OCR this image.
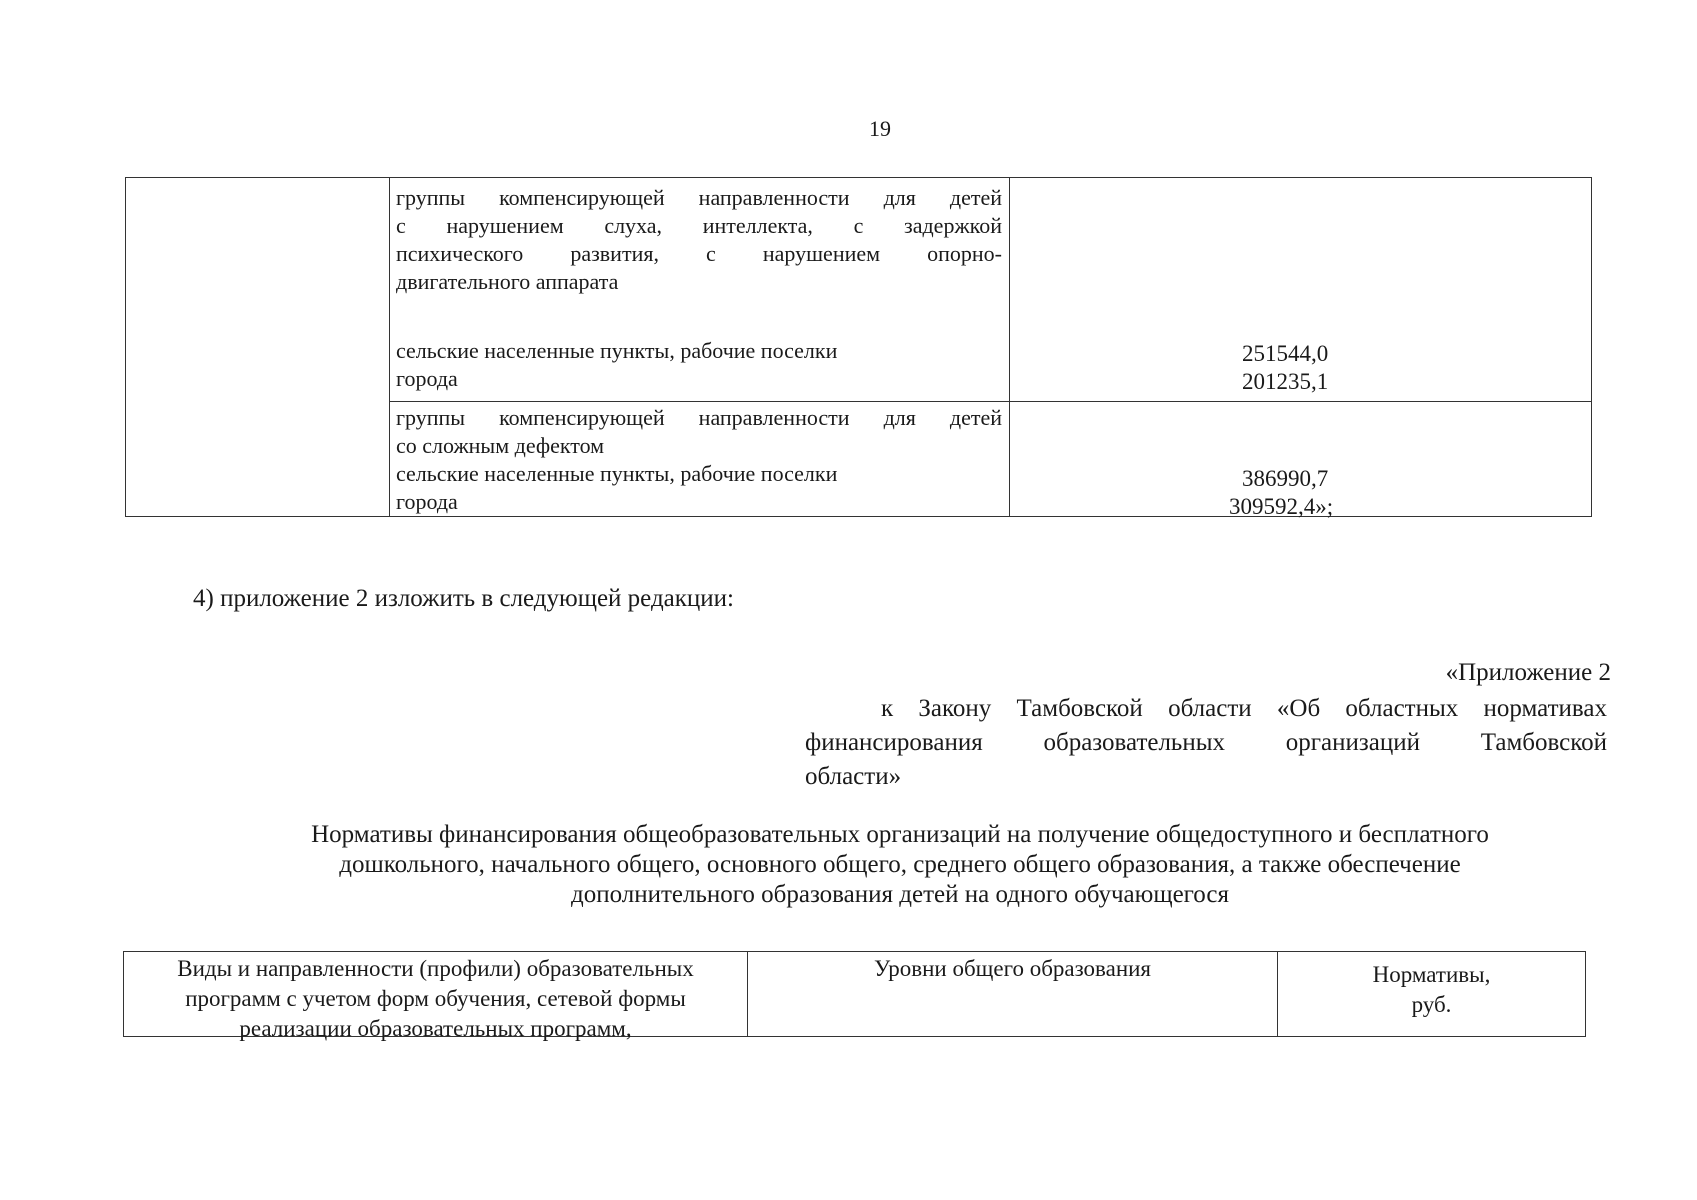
19
группы компенсирующей направленности для детей
с нарушением слуха, интеллекта, с задержкой
психического развития, с нарушением опорно-
двигательного аппарата
сельские населенные пункты, рабочие поселки
города
группы компенсирующей направленности для детей
со сложным дефектом
сельские населенные пункты, рабочие поселки
города
251544,0
201235,1
386990,7
309592,4»;
4) приложение 2 изложить в следующей редакции:
«Приложение 2
к Закону Тамбовской области «Об областных нормативах
финансирования образовательных организаций Тамбовской
области»
Нормативы финансирования общеобразовательных организаций на получение общедоступного и бесплатного
дошкольного, начального общего, основного общего, среднего общего образования, а также обеспечение
дополнительного образования детей на одного обучающегося
Виды и направленности (профили) образовательных
программ с учетом форм обучения, сетевой формы
реализации образовательных программ,
Уровни общего образования	Нормативы,
руб.
